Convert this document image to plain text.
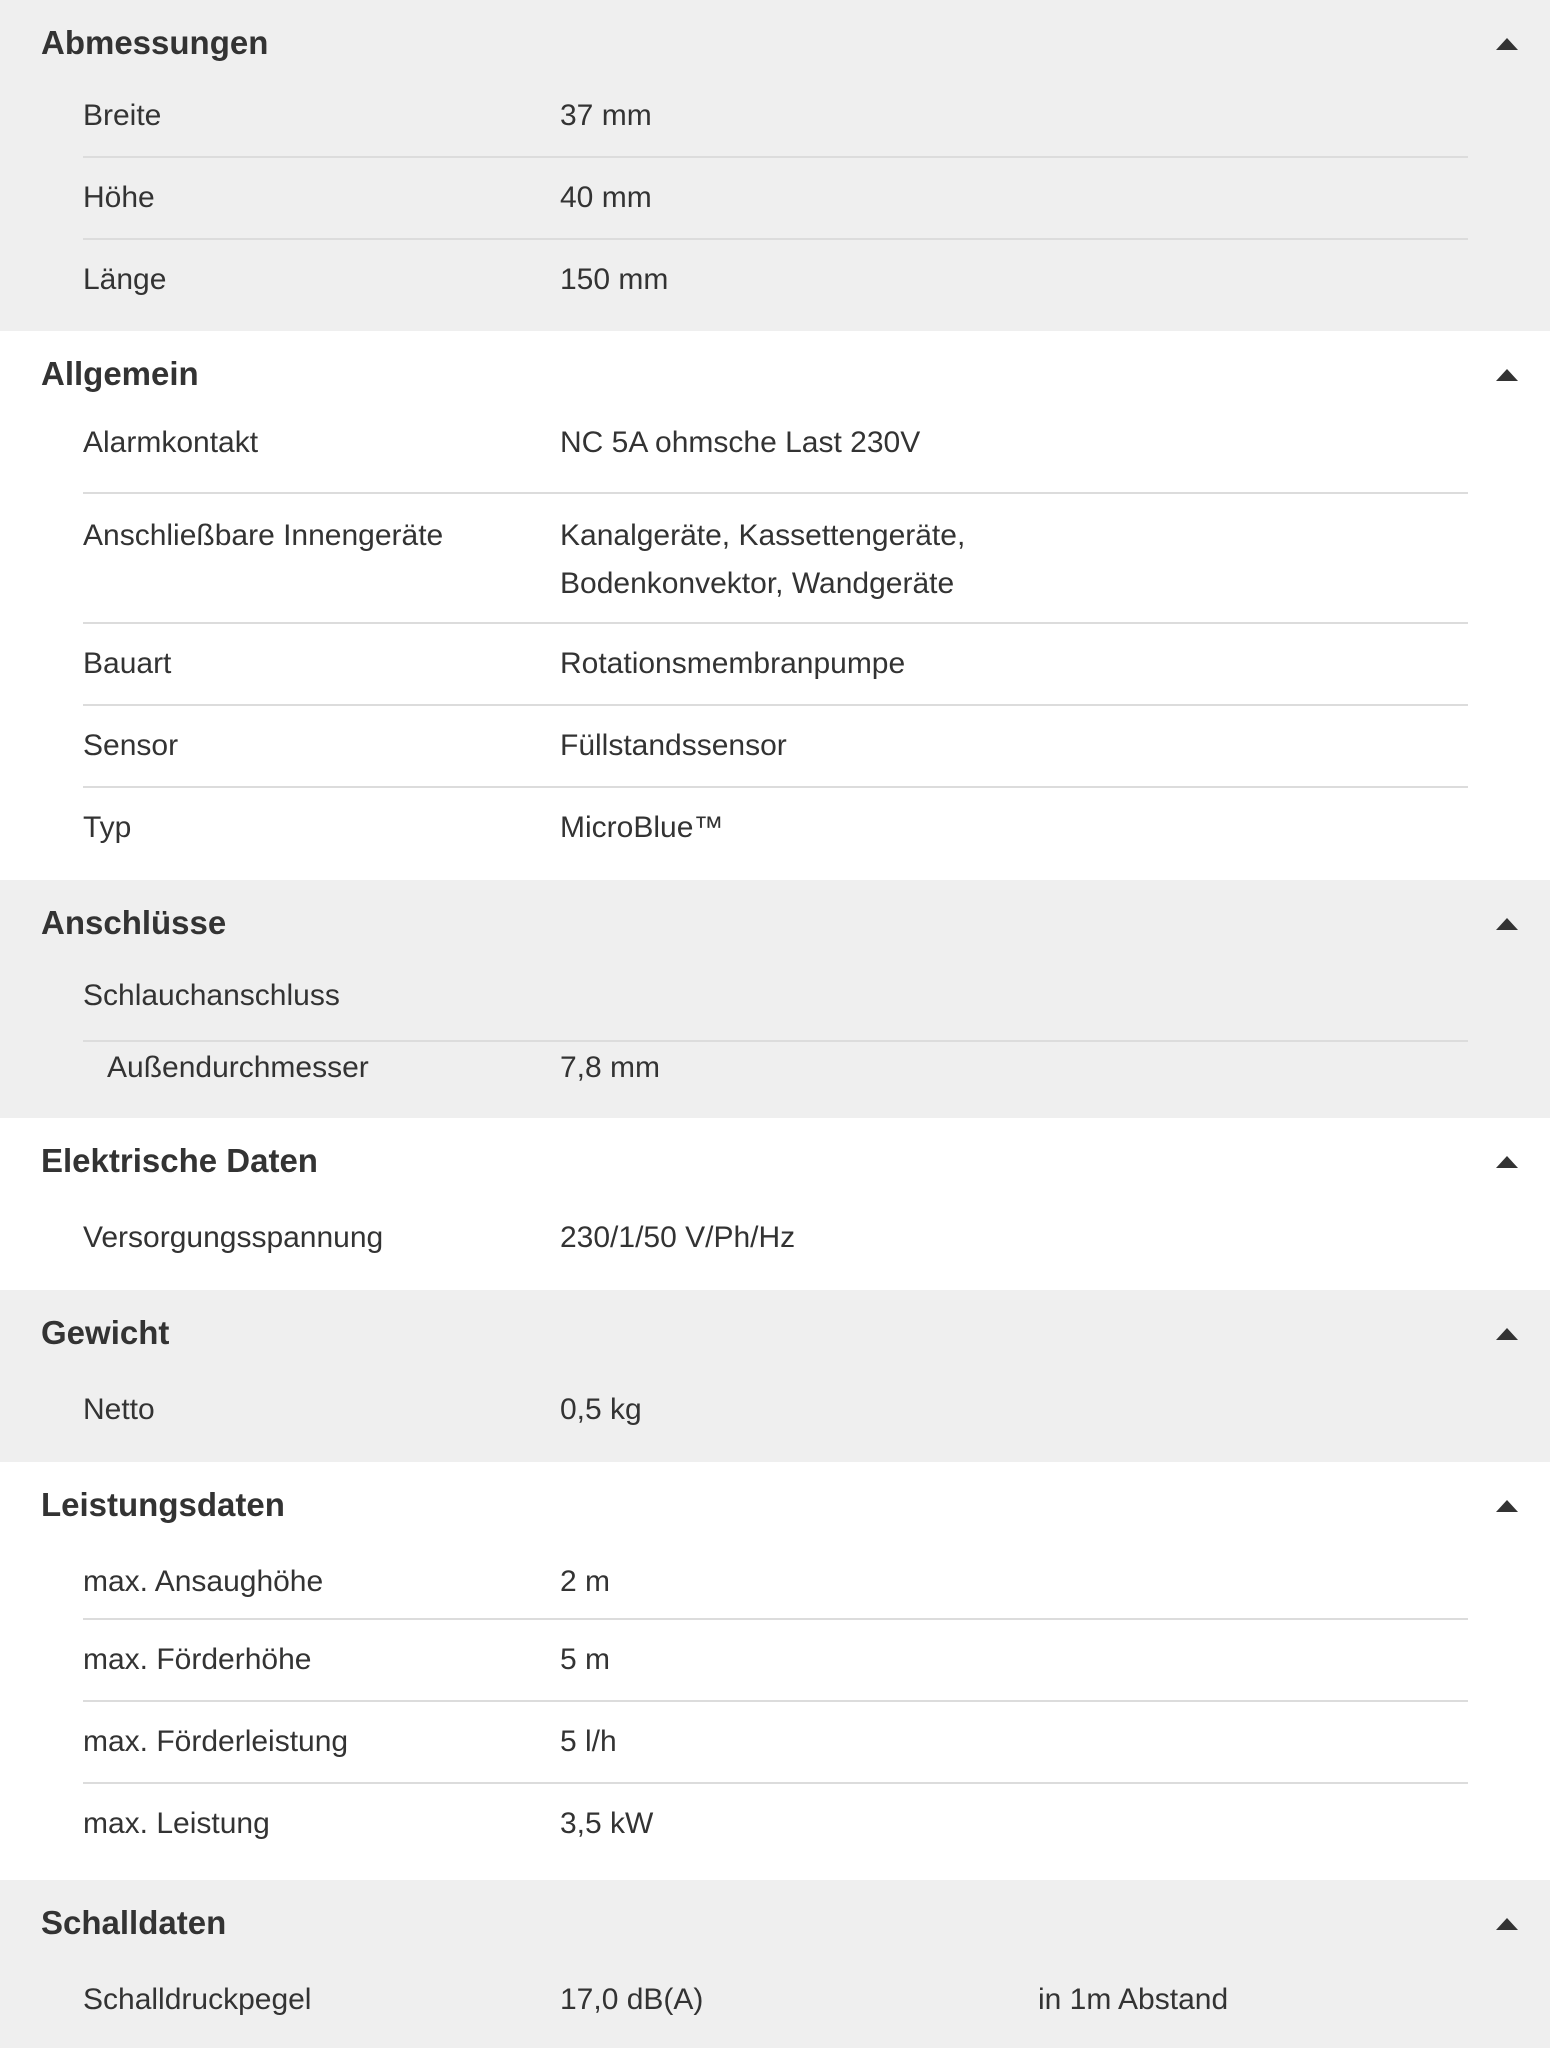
Abmessungen
Breite	37 mm
Höhe	40 mm
Länge	150 mm
Allgemein
Alarmkontakt	NC 5A ohmsche Last 230V
Anschließbare Innengeräte	Kanalgeräte, Kassettengeräte,
Bodenkonvektor, Wandgeräte
Bauart	Rotationsmembranpumpe
Sensor	Füllstandssensor
Typ	MicroBlue™
Anschlüsse
Schlauchanschluss
Außendurchmesser	7,8 mm
Elektrische Daten
Versorgungsspannung	230/1/50 V/Ph/Hz
Gewicht
Netto	0,5 kg
Leistungsdaten
max. Ansaughöhe	2 m
max. Förderhöhe	5 m
max. Förderleistung	5 l/h
max. Leistung	3,5 kW
Schalldaten
Schalldruckpegel	17,0 dB(A)	in 1m Abstand
